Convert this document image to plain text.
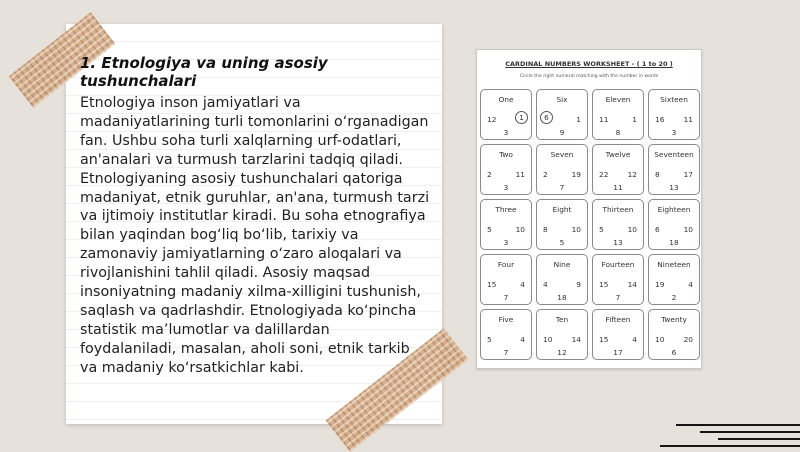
1. Etnologiya va uning asosiy tushunchalari

Etnologiya inson jamiyatlari va madaniyatlarining turli tomonlarini o‘rganadigan fan. Ushbu soha turli xalqlarning urf-odatlari, an'analari va turmush tarzlarini tadqiq qiladi. Etnologiyaning asosiy tushunchalari qatoriga madaniyat, etnik guruhlar, an'ana, turmush tarzi va ijtimoiy institutlar kiradi. Bu soha etnografiya bilan yaqindan bog‘liq bo‘lib, tarixiy va zamonaviy jamiyatlarning o‘zaro aloqalari va rivojlanishini tahlil qiladi. Asosiy maqsad insoniyatning madaniy xilma-xilligini tushunish, saqlash va qadrlashdir. Etnologiyada ko‘pincha statistik ma’lumotlar va dalillardan foydalaniladi, masalan, aholi soni, etnik tarkib va madaniy ko‘rsatkichlar kabi.

CARDINAL NUMBERS WORKSHEET - ( 1 to 20 )
Circle the right numeral matching with the number in words
One
12	1
3
Six
6	1
9
Eleven
11	1
8
Sixteen
16	11
3
Two
2	11
3
Seven
2	19
7
Twelve
22	12
11
Seventeen
8	17
13
Three
5	10
3
Eight
8	10
5
Thirteen
5	10
13
Eighteen
6	10
18
Four
15	4
7
Nine
4	9
18
Fourteen
15	14
7
Nineteen
19	4
2
Five
5	4
7
Ten
10	14
12
Fifteen
15	4
17
Twenty
10	20
6
